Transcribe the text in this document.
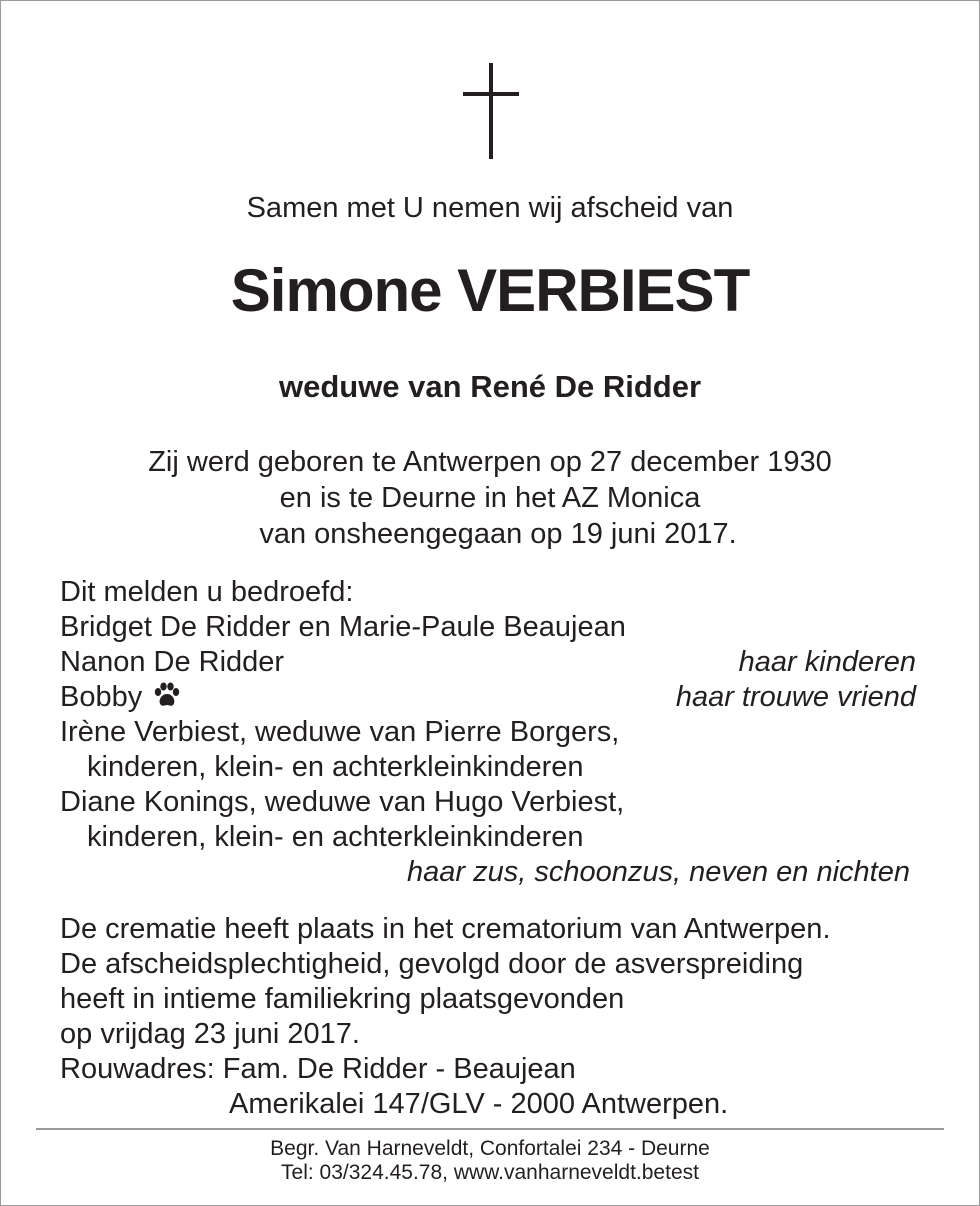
Samen met U nemen wij afscheid van
Simone VERBIEST
weduwe van René De Ridder
Zij werd geboren te Antwerpen op 27 december 1930
en is te Deurne in het AZ Monica
van onsheengegaan op 19 juni 2017.
Dit melden u bedroefd:
Bridget De Ridder en Marie-Paule Beaujean
Nanon De Ridder	haar kinderen
Bobby	haar trouwe vriend
Irène Verbiest, weduwe van Pierre Borgers,
kinderen, klein- en achterkleinkinderen
Diane Konings, weduwe van Hugo Verbiest,
kinderen, klein- en achterkleinkinderen
haar zus, schoonzus, neven en nichten
De crematie heeft plaats in het crematorium van Antwerpen.
De afscheidsplechtigheid, gevolgd door de asverspreiding
heeft in intieme familiekring plaatsgevonden
op vrijdag 23 juni 2017.
Rouwadres: Fam. De Ridder - Beaujean
Amerikalei 147/GLV - 2000 Antwerpen.
Begr. Van Harneveldt, Confortalei 234 - Deurne
Tel: 03/324.45.78, www.vanharneveldt.betest
